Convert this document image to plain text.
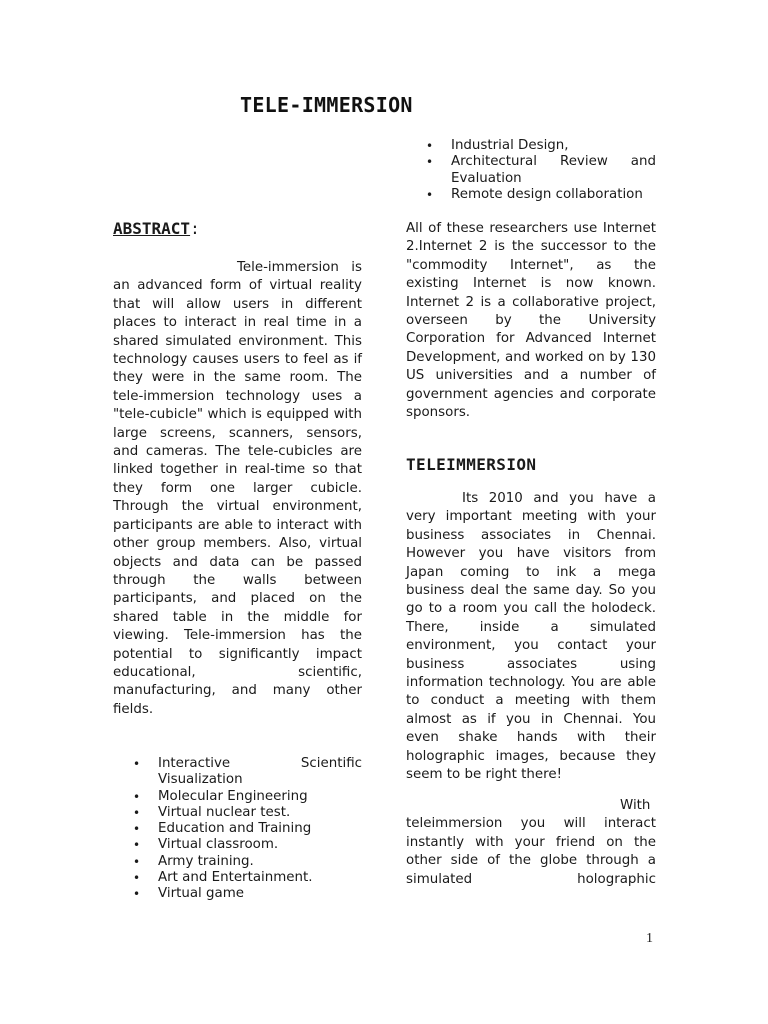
TELE-IMMERSION
ABSTRACT:

Tele-immersion is an advanced form of virtual reality that will allow users in different places to interact in real time in a shared simulated environment. This technology causes users to feel as if they were in the same room. The tele-immersion technology uses a "tele-cubicle" which is equipped with large screens, scanners, sensors, and cameras. The tele-cubicles are linked together in real-time so that they form one larger cubicle. Through the virtual environment, participants are able to interact with other group members. Also, virtual objects and data can be passed through the walls between participants, and placed on the shared table in the middle for viewing. Tele-immersion has the potential to significantly impact educational, scientific, manufacturing, and many other fields.

• Interactive Scientific Visualization
• Molecular Engineering
• Virtual nuclear test.
• Education and Training
• Virtual classroom.
• Army training.
• Art and Entertainment.
• Virtual game
• Industrial Design,
• Architectural Review and Evaluation
• Remote design collaboration

All of these researchers use Internet 2.Internet 2 is the successor to the "commodity Internet", as the existing Internet is now known. Internet 2 is a collaborative project, overseen by the University Corporation for Advanced Internet Development, and worked on by 130 US universities and a number of government agencies and corporate sponsors.

TELEIMMERSION

Its 2010 and you have a very important meeting with your business associates in Chennai. However you have visitors from Japan coming to ink a mega business deal the same day. So you go to a room you call the holodeck. There, inside a simulated environment, you contact your business associates using information technology. You are able to conduct a meeting with them almost as if you in Chennai. You even shake hands with their holographic images, because they seem to be right there!

With teleimmersion you will interact instantly with your friend on the other side of the globe through a simulated holographic

1
